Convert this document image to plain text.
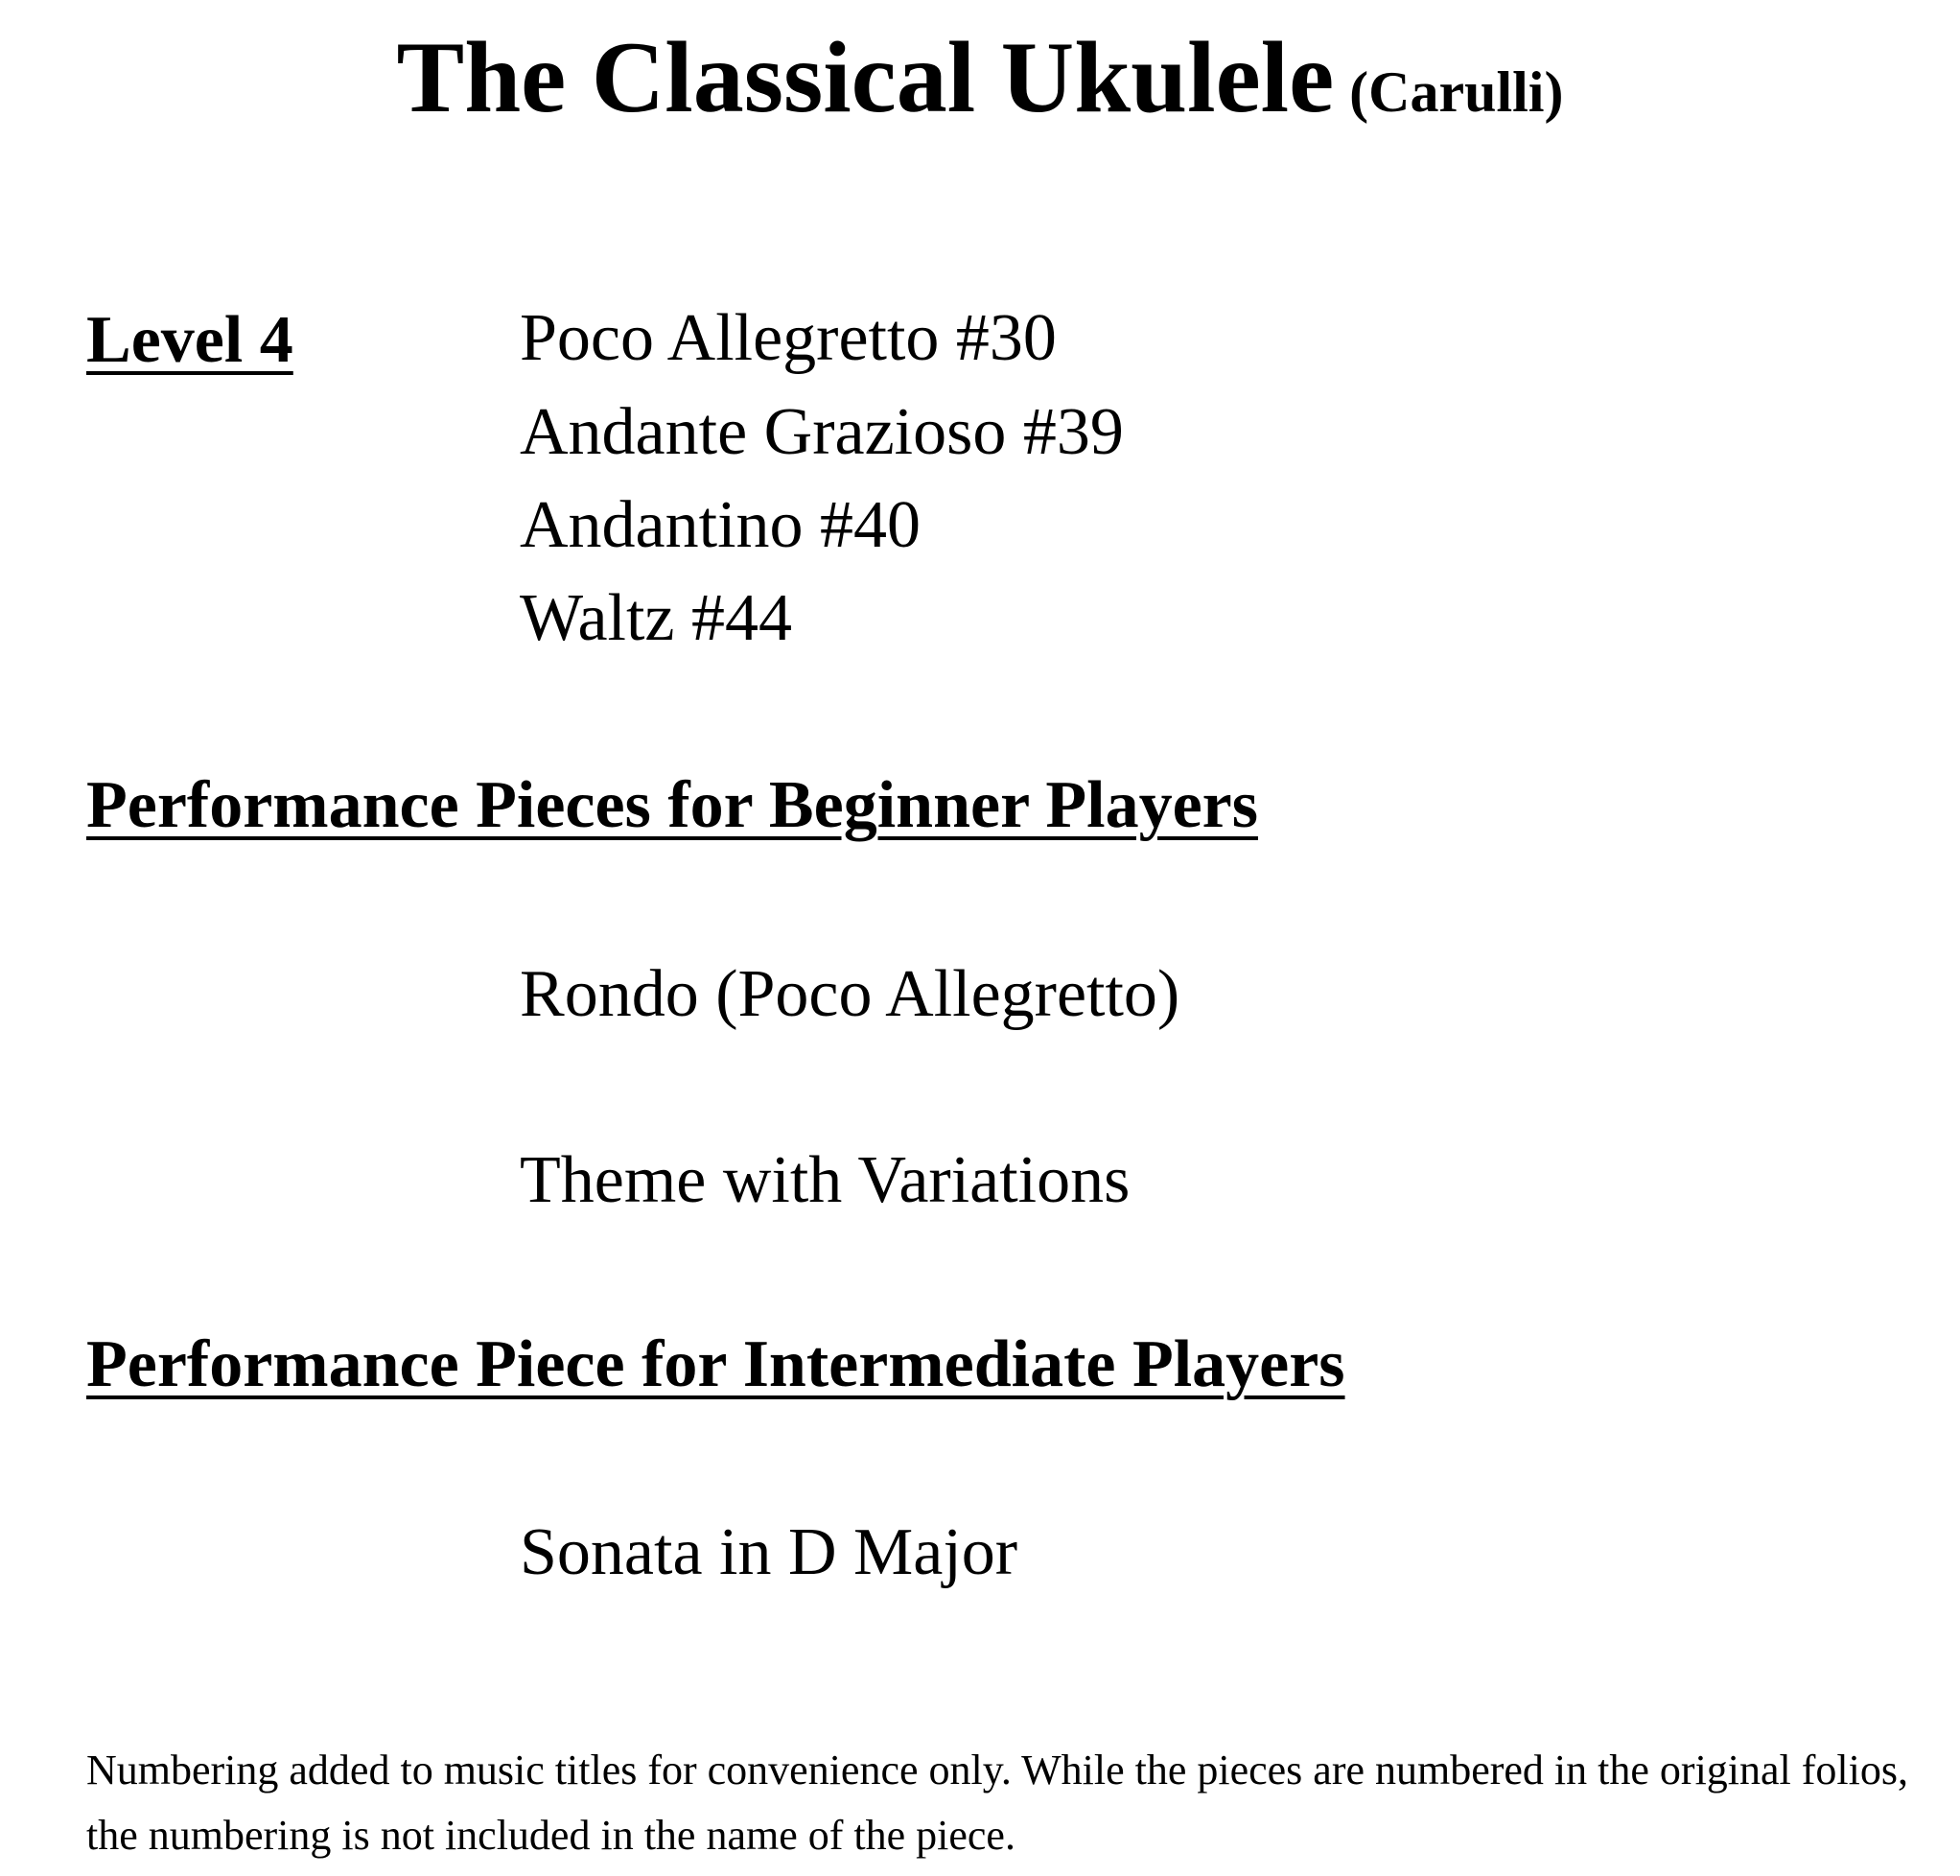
The Classical Ukulele (Carulli)
Level 4	Poco Allegretto #30
Andante Grazioso #39
Andantino #40
Waltz #44
Performance Pieces for Beginner Players
Rondo (Poco Allegretto)
Theme with Variations
Performance Piece for Intermediate Players
Sonata in D Major
Numbering added to music titles for convenience only. While the pieces are numbered in the original folios, the numbering is not included in the name of the piece.
